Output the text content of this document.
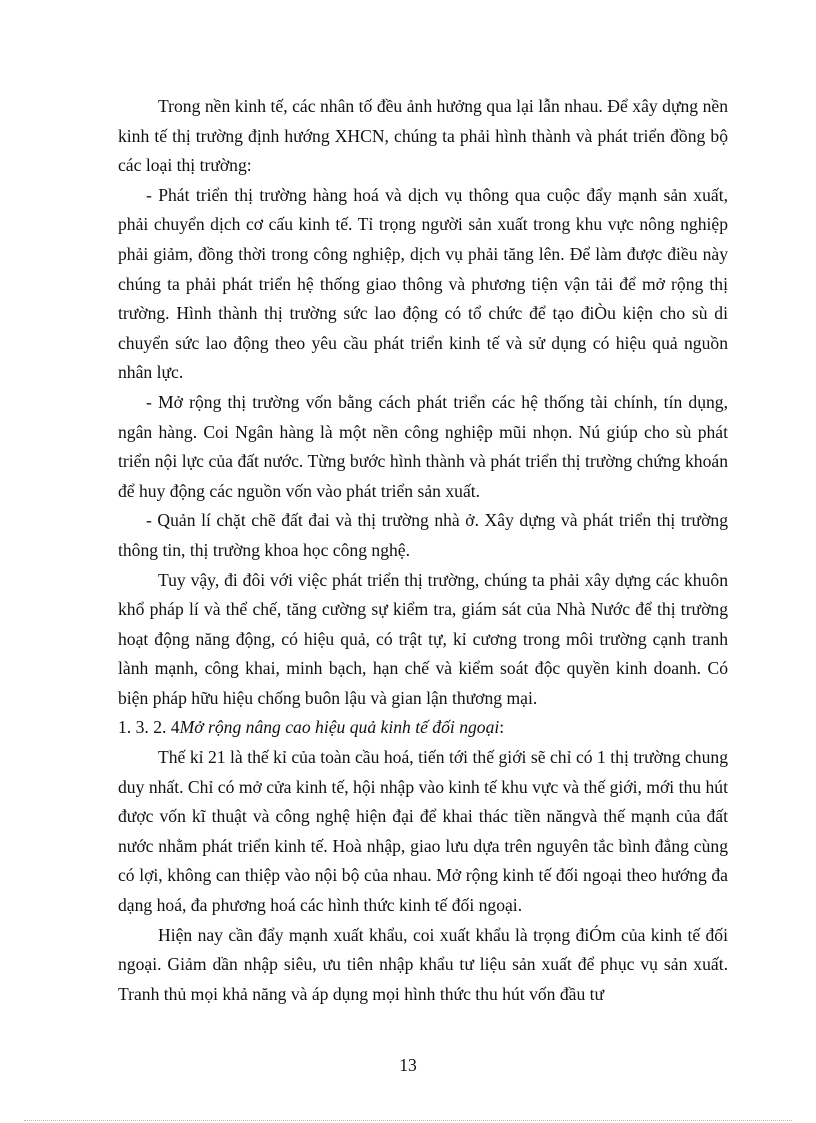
Trong nền kinh tế, các nhân tố đều ảnh hưởng qua lại lẫn nhau. Để xây dựng nền kinh tế thị trường định hướng XHCN, chúng ta phải hình thành và phát triển đồng bộ các loại thị trường:

- Phát triển thị trường hàng hoá và dịch vụ thông qua cuộc đẩy mạnh sản xuất, phải chuyển dịch cơ cấu kinh tế. Tỉ trọng người sản xuất trong khu vực nông nghiệp phải giảm, đồng thời trong công nghiệp, dịch vụ phải tăng lên. Để làm được điều này chúng ta phải phát triển hệ thống giao thông và phương tiện vận tải để mở rộng thị trường. Hình thành thị trường sức lao động có tổ chức để tạo điÒu kiện cho sù di chuyển sức lao động theo yêu cầu phát triển kinh tế và sử dụng có hiệu quả nguồn nhân lực.

- Mở rộng thị trường vốn bằng cách phát triển các hệ thống tài chính, tín dụng, ngân hàng. Coi Ngân hàng là một nền công nghiệp mũi nhọn. Nú giúp cho sù phát triển nội lực của đất nước. Từng bước hình thành và phát triển thị trường chứng khoán để huy động các nguồn vốn vào phát triển sản xuất.

- Quản lí chặt chẽ đất đai và thị trường nhà ở. Xây dựng và phát triển thị trường thông tin, thị trường khoa học công nghệ.

Tuy vậy, đi đôi với việc phát triển thị trường, chúng ta phải xây dựng các khuôn khổ pháp lí và thể chế, tăng cường sự kiểm tra, giám sát của Nhà Nước để thị trường hoạt động năng động, có hiệu quả, có trật tự, kỉ cương trong môi trường cạnh tranh lành mạnh, công khai, minh bạch, hạn chế và kiểm soát độc quyền kinh doanh. Có biện pháp hữu hiệu chống buôn lậu và gian lận thương mại.

1. 3. 2. 4Mở rộng nâng cao hiệu quả kinh tế đối ngoại:

Thế kỉ 21 là thế kỉ của toàn cầu hoá, tiến tới thế giới sẽ chỉ có 1 thị trường chung duy nhất. Chỉ có mở cửa kinh tế, hội nhập vào kinh tế khu vực và thế giới, mới thu hút được vốn kĩ thuật và công nghệ hiện đại để khai thác tiền năngvà thế mạnh của đất nước nhằm phát triển kinh tế. Hoà nhập, giao lưu dựa trên nguyên tắc bình đẳng cùng có lợi, không can thiệp vào nội bộ của nhau. Mở rộng kinh tế đối ngoại theo hướng đa dạng hoá, đa phương hoá các hình thức kinh tế đối ngoại.

Hiện nay cần đẩy mạnh xuất khẩu, coi xuất khẩu là trọng điÓm của kinh tế đối ngoại. Giảm dần nhập siêu, ưu tiên nhập khẩu tư liệu sản xuất để phục vụ sản xuất. Tranh thủ mọi khả năng và áp dụng mọi hình thức thu hút vốn đầu tư

13
